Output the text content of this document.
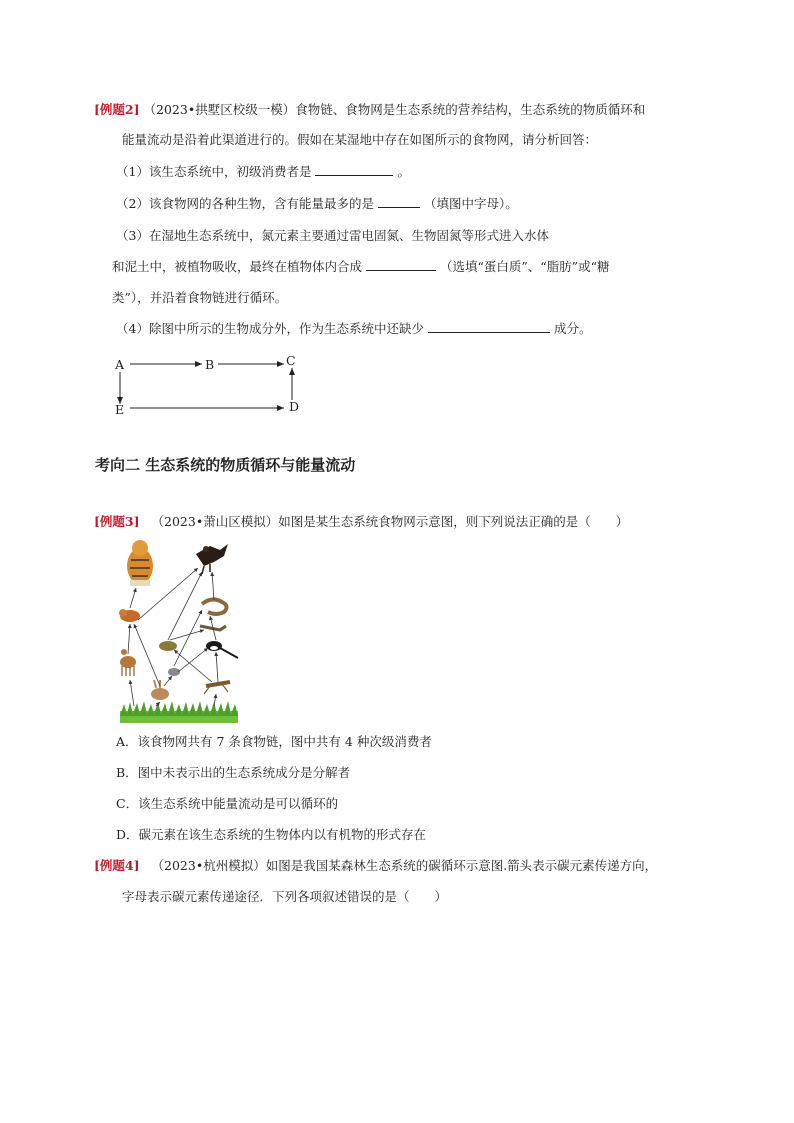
[例题2] （2023•拱墅区校级一模）食物链、食物网是生态系统的营养结构，生态系统的物质循环和
能量流动是沿着此渠道进行的。假如在某湿地中存在如图所示的食物网，请分析回答：
（1）该生态系统中，初级消费者是	。
（2）该食物网的各种生物，含有能量最多的是	（填图中字母）。
（3）在湿地生态系统中，氮元素主要通过雷电固氮、生物固氮等形式进入水体
和泥土中，被植物吸收，最终在植物体内合成	（选填“蛋白质”、“脂肪”或“糖
类”），并沿着食物链进行循环。
（4）除图中所示的生物成分外，作为生态系统中还缺少	成分。
A	B	C
D
E
考向二 生态系统的物质循环与能量流动
[例题3] （2023•萧山区模拟）如图是某生态系统食物网示意图，则下列说法正确的是（　　）
A．该食物网共有 7 条食物链，图中共有 4 种次级消费者
B．图中未表示出的生态系统成分是分解者
C．该生态系统中能量流动是可以循环的
D．碳元素在该生态系统的生物体内以有机物的形式存在
[例题4] （2023•杭州模拟）如图是我国某森林生态系统的碳循环示意图.箭头表示碳元素传递方向，
字母表示碳元素传递途径．下列各项叙述错误的是（　　）
